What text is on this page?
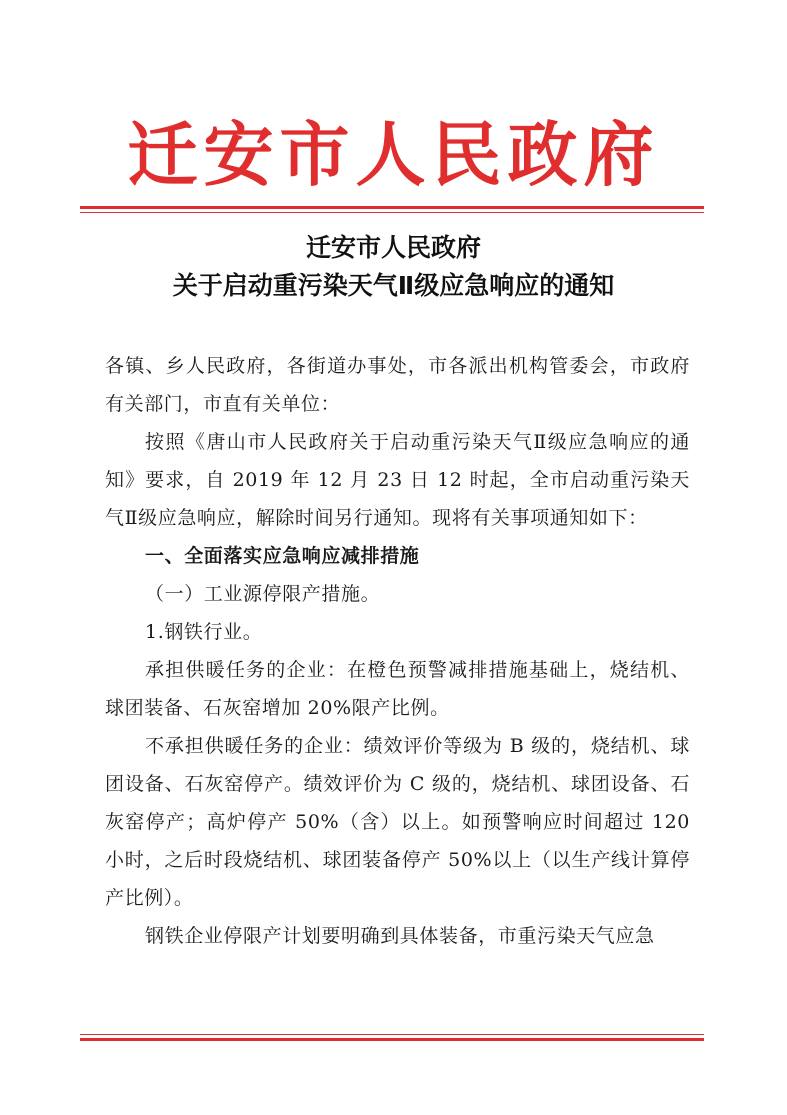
迁安市人民政府
迁安市人民政府
关于启动重污染天气Ⅱ级应急响应的通知

各镇、乡人民政府，各街道办事处，市各派出机构管委会，市政府有关部门，市直有关单位：

按照《唐山市人民政府关于启动重污染天气Ⅱ级应急响应的通知》要求，自 2019 年 12 月 23 日 12 时起，全市启动重污染天气Ⅱ级应急响应，解除时间另行通知。现将有关事项通知如下：

一、全面落实应急响应减排措施

（一）工业源停限产措施。

1.钢铁行业。

承担供暖任务的企业：在橙色预警减排措施基础上，烧结机、球团装备、石灰窑增加 20%限产比例。

不承担供暖任务的企业：绩效评价等级为 B 级的，烧结机、球团设备、石灰窑停产。绩效评价为 C 级的，烧结机、球团设备、石灰窑停产；高炉停产 50%（含）以上。如预警响应时间超过 120 小时，之后时段烧结机、球团装备停产 50%以上（以生产线计算停产比例）。

钢铁企业停限产计划要明确到具体装备，市重污染天气应急
